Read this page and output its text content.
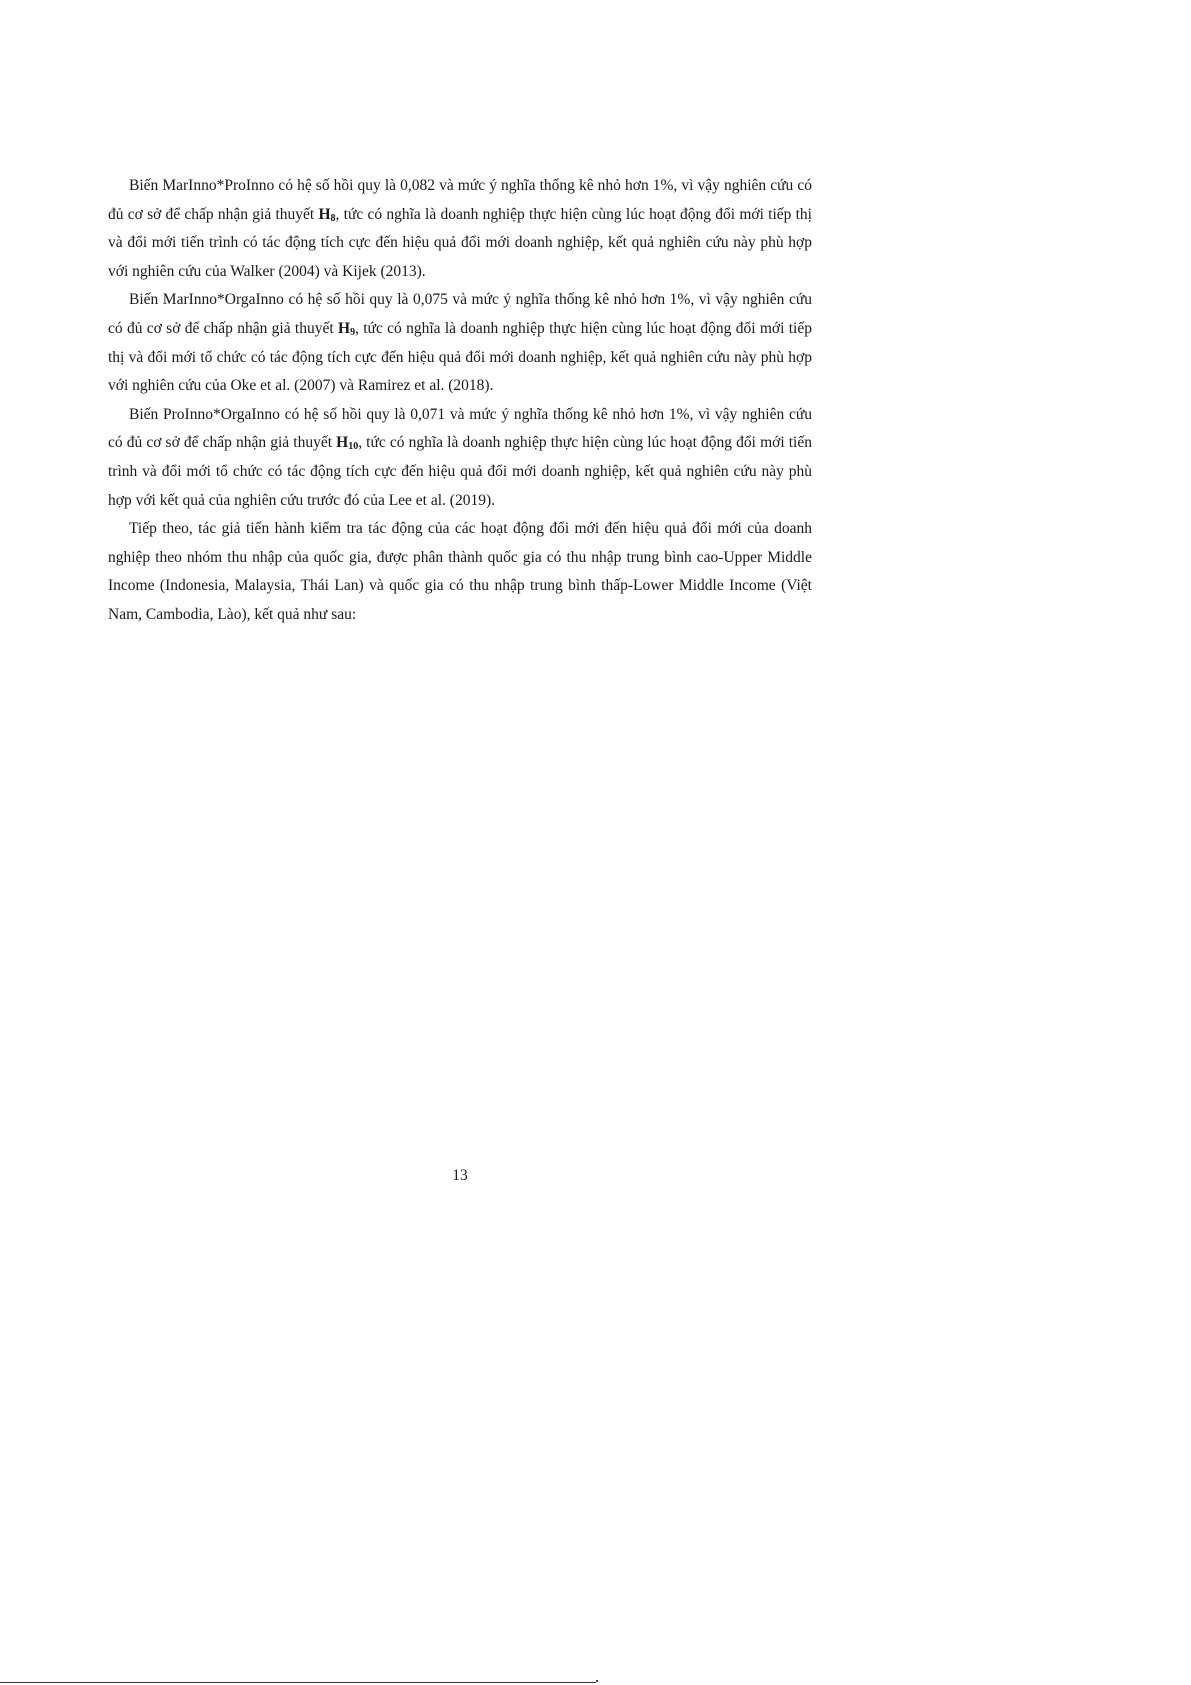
Biến MarInno*ProInno có hệ số hồi quy là 0,082 và mức ý nghĩa thống kê nhỏ hơn 1%, vì vậy nghiên cứu có đủ cơ sở để chấp nhận giả thuyết $H_8$, tức có nghĩa là doanh nghiệp thực hiện cùng lúc hoạt động đổi mới tiếp thị và đổi mới tiến trình có tác động tích cực đến hiệu quả đổi mới doanh nghiệp, kết quả nghiên cứu này phù hợp với nghiên cứu của Walker (2004) và Kijek (2013).

Biến MarInno*OrgaInno có hệ số hồi quy là 0,075 và mức ý nghĩa thống kê nhỏ hơn 1%, vì vậy nghiên cứu có đủ cơ sở để chấp nhận giả thuyết $H_9$, tức có nghĩa là doanh nghiệp thực hiện cùng lúc hoạt động đổi mới tiếp thị và đổi mới tổ chức có tác động tích cực đến hiệu quả đổi mới doanh nghiệp, kết quả nghiên cứu này phù hợp với nghiên cứu của Oke et al. (2007) và Ramirez et al. (2018).

Biến ProInno*OrgaInno có hệ số hồi quy là 0,071 và mức ý nghĩa thống kê nhỏ hơn 1%, vì vậy nghiên cứu có đủ cơ sở để chấp nhận giả thuyết $H_{10}$, tức có nghĩa là doanh nghiệp thực hiện cùng lúc hoạt động đổi mới tiến trình và đổi mới tổ chức có tác động tích cực đến hiệu quả đổi mới doanh nghiệp, kết quả nghiên cứu này phù hợp với kết quả của nghiên cứu trước đó của Lee et al. (2019).

Tiếp theo, tác giả tiến hành kiểm tra tác động của các hoạt động đổi mới đến hiệu quả đổi mới của doanh nghiệp theo nhóm thu nhập của quốc gia, được phân thành quốc gia có thu nhập trung bình cao-Upper Middle Income (Indonesia, Malaysia, Thái Lan) và quốc gia có thu nhập trung bình thấp-Lower Middle Income (Việt Nam, Cambodia, Lào), kết quả như sau:

13
